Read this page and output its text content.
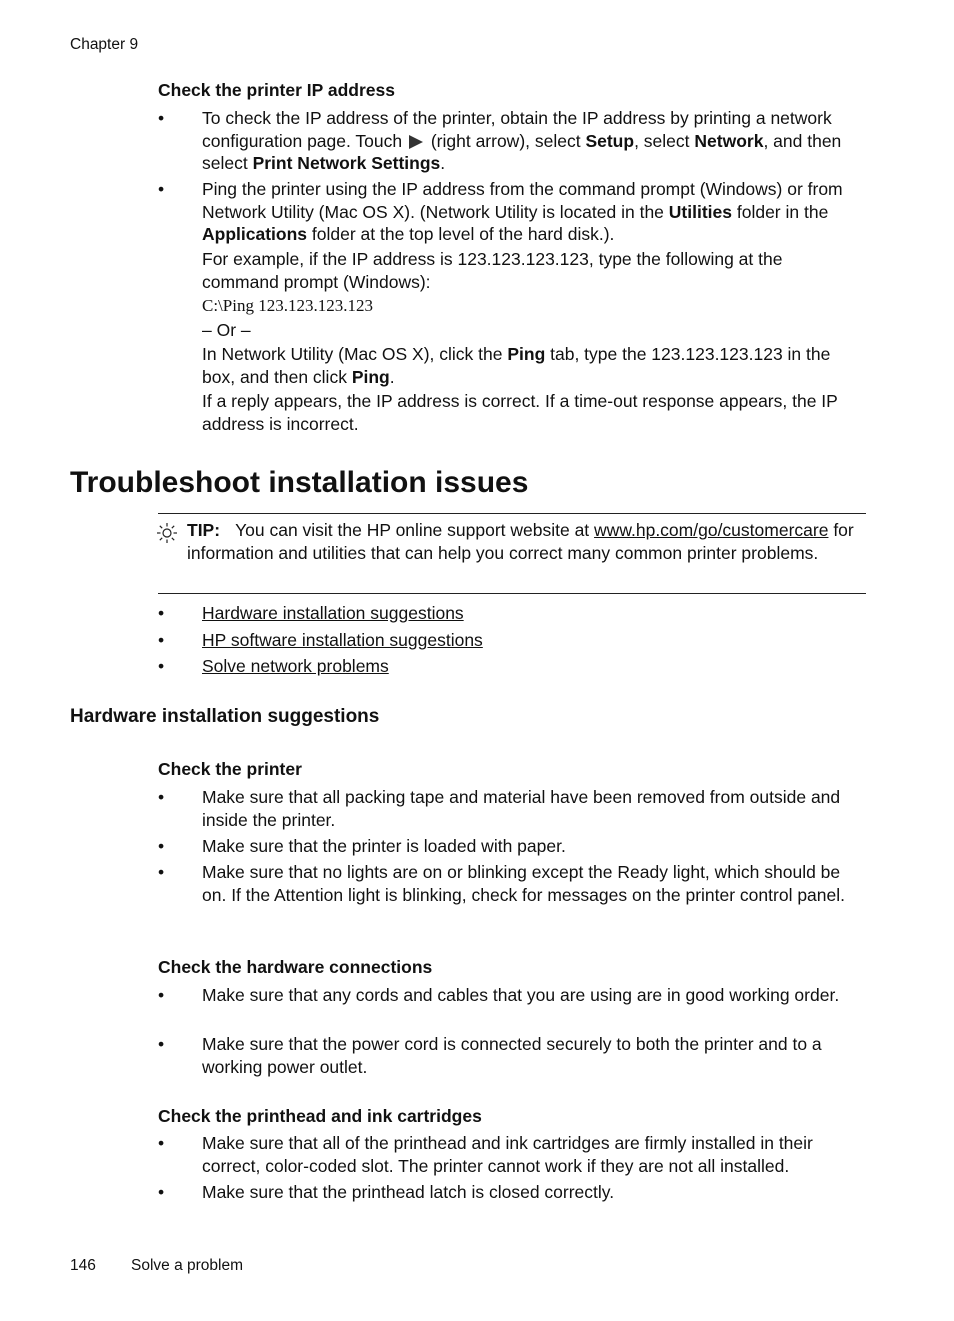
Chapter 9
Check the printer IP address
• To check the IP address of the printer, obtain the IP address by printing a network configuration page. Touch  (right arrow), select Setup, select Network, and then select Print Network Settings.
• Ping the printer using the IP address from the command prompt (Windows) or from Network Utility (Mac OS X). (Network Utility is located in the Utilities folder in the Applications folder at the top level of the hard disk.).
For example, if the IP address is 123.123.123.123, type the following at the command prompt (Windows):
C:\Ping 123.123.123.123
– Or –
In Network Utility (Mac OS X), click the Ping tab, type the 123.123.123.123 in the box, and then click Ping.
If a reply appears, the IP address is correct. If a time-out response appears, the IP address is incorrect.
Troubleshoot installation issues
TIP: You can visit the HP online support website at www.hp.com/go/customercare for information and utilities that can help you correct many common printer problems.
• Hardware installation suggestions
• HP software installation suggestions
• Solve network problems
Hardware installation suggestions
Check the printer
• Make sure that all packing tape and material have been removed from outside and inside the printer.
• Make sure that the printer is loaded with paper.
• Make sure that no lights are on or blinking except the Ready light, which should be on. If the Attention light is blinking, check for messages on the printer control panel.
Check the hardware connections
• Make sure that any cords and cables that you are using are in good working order.
• Make sure that the power cord is connected securely to both the printer and to a working power outlet.
Check the printhead and ink cartridges
• Make sure that all of the printhead and ink cartridges are firmly installed in their correct, color-coded slot. The printer cannot work if they are not all installed.
• Make sure that the printhead latch is closed correctly.
146 Solve a problem
